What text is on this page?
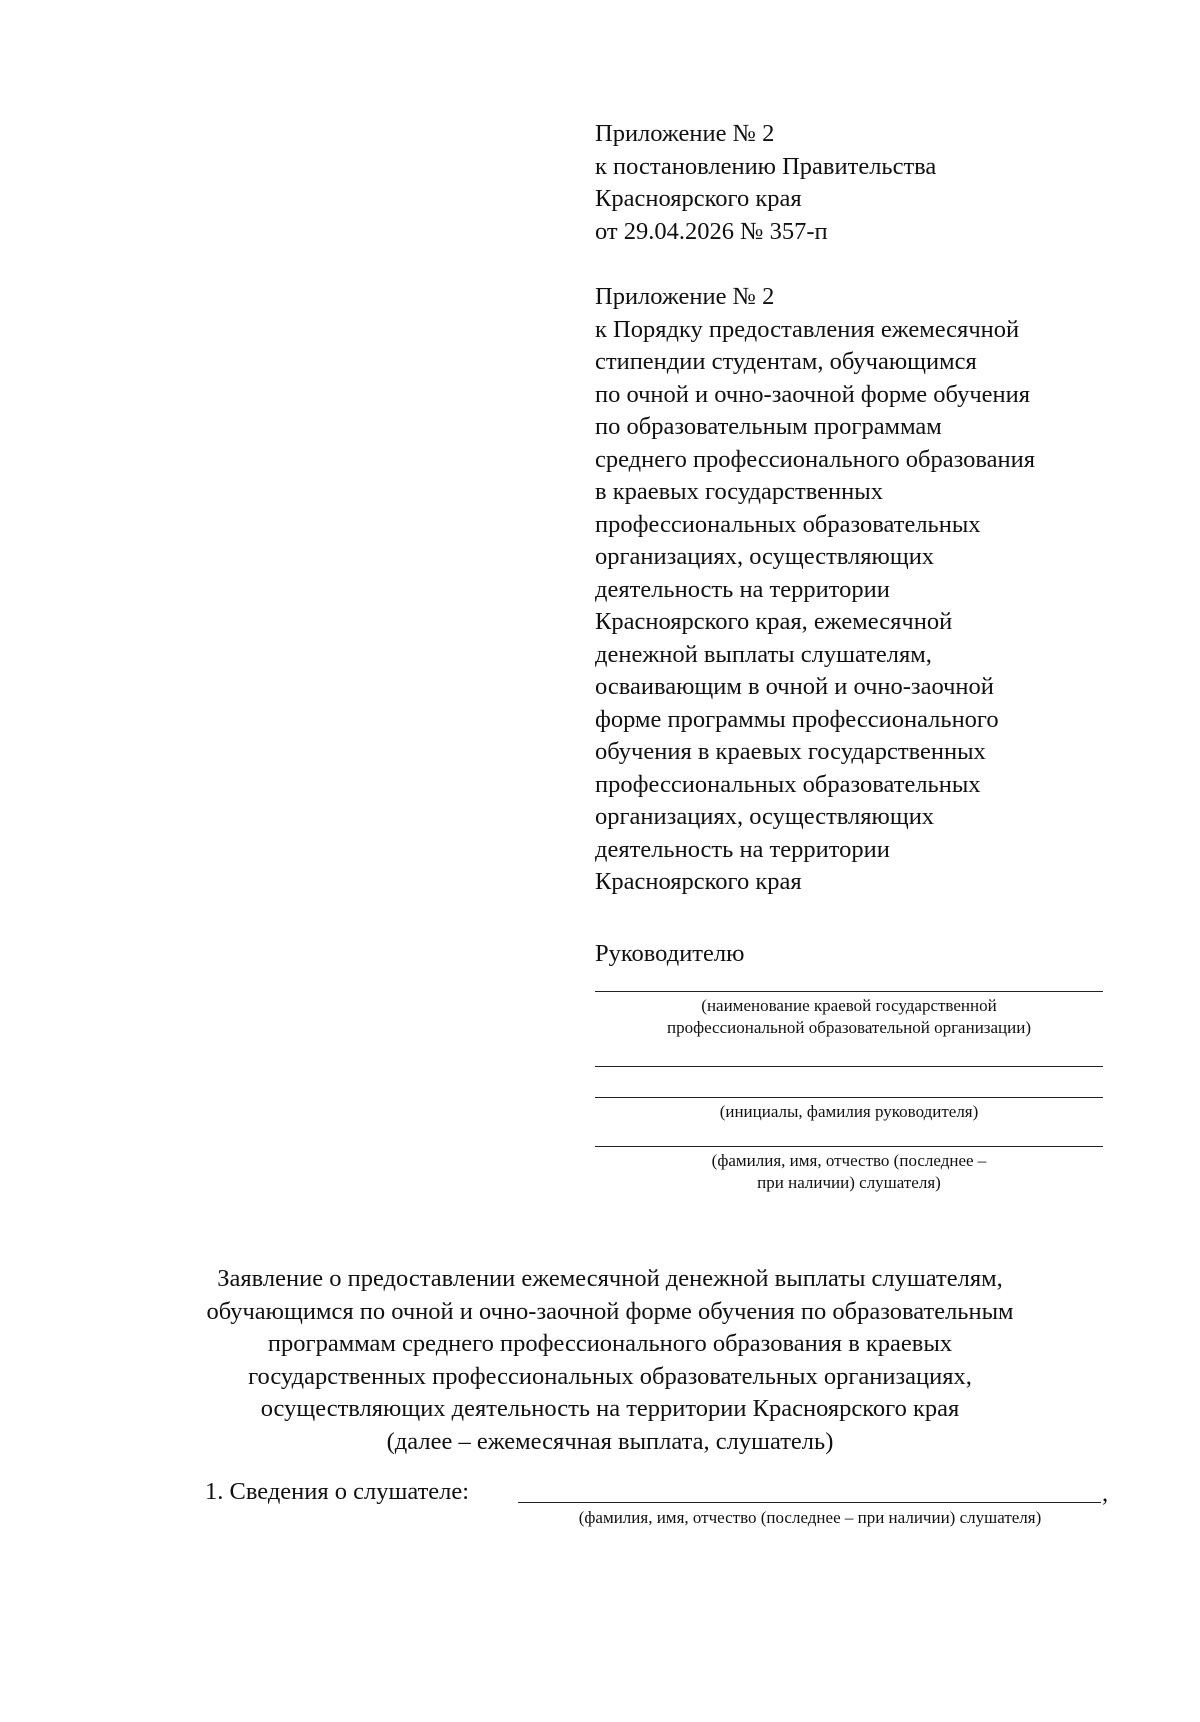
Приложение № 2
к постановлению Правительства
Красноярского края
от 29.04.2026 № 357-п
Приложение № 2
к Порядку предоставления ежемесячной
стипендии студентам, обучающимся
по очной и очно-заочной форме обучения
по образовательным программам
среднего профессионального образования
в краевых государственных
профессиональных образовательных
организациях, осуществляющих
деятельность на территории
Красноярского края, ежемесячной
денежной выплаты слушателям,
осваивающим в очной и очно-заочной
форме программы профессионального
обучения в краевых государственных
профессиональных образовательных
организациях, осуществляющих
деятельность на территории
Красноярского края
Руководителю
(наименование краевой государственной
профессиональной образовательной организации)
(инициалы, фамилия руководителя)
(фамилия, имя, отчество (последнее –
при наличии) слушателя)
Заявление о предоставлении ежемесячной денежной выплаты слушателям,
обучающимся по очной и очно-заочной форме обучения по образовательным
программам среднего профессионального образования в краевых
государственных профессиональных образовательных организациях,
осуществляющих деятельность на территории Красноярского края
(далее – ежемесячная выплата, слушатель)
1. Сведения о слушателе:	,
(фамилия, имя, отчество (последнее – при наличии) слушателя)
